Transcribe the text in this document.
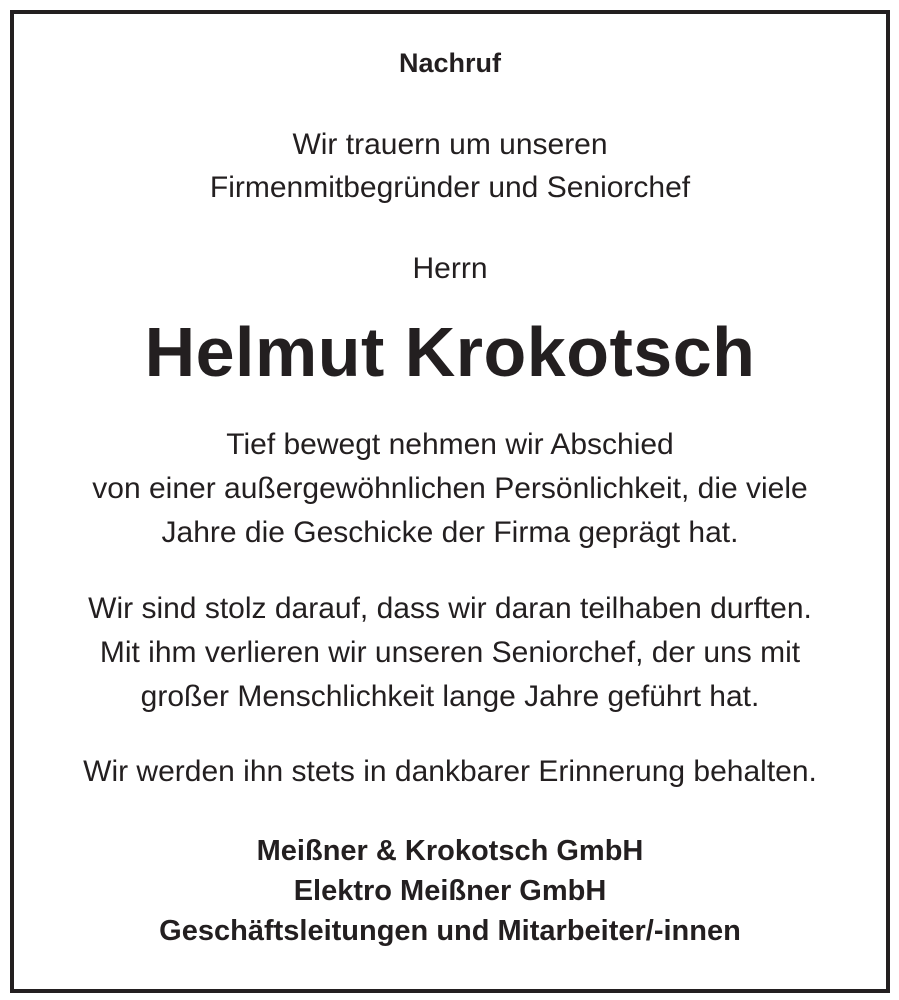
Nachruf

Wir trauern um unseren

Firmenmitbegründer und Seniorchef

Herrn

Helmut Krokotsch

Tief bewegt nehmen wir Abschied

von einer außergewöhnlichen Persönlichkeit, die viele

Jahre die Geschicke der Firma geprägt hat.

Wir sind stolz darauf, dass wir daran teilhaben durften.

Mit ihm verlieren wir unseren Seniorchef, der uns mit

großer Menschlichkeit lange Jahre geführt hat.

Wir werden ihn stets in dankbarer Erinnerung behalten.

Meißner & Krokotsch GmbH

Elektro Meißner GmbH

Geschäftsleitungen und Mitarbeiter/-innen
